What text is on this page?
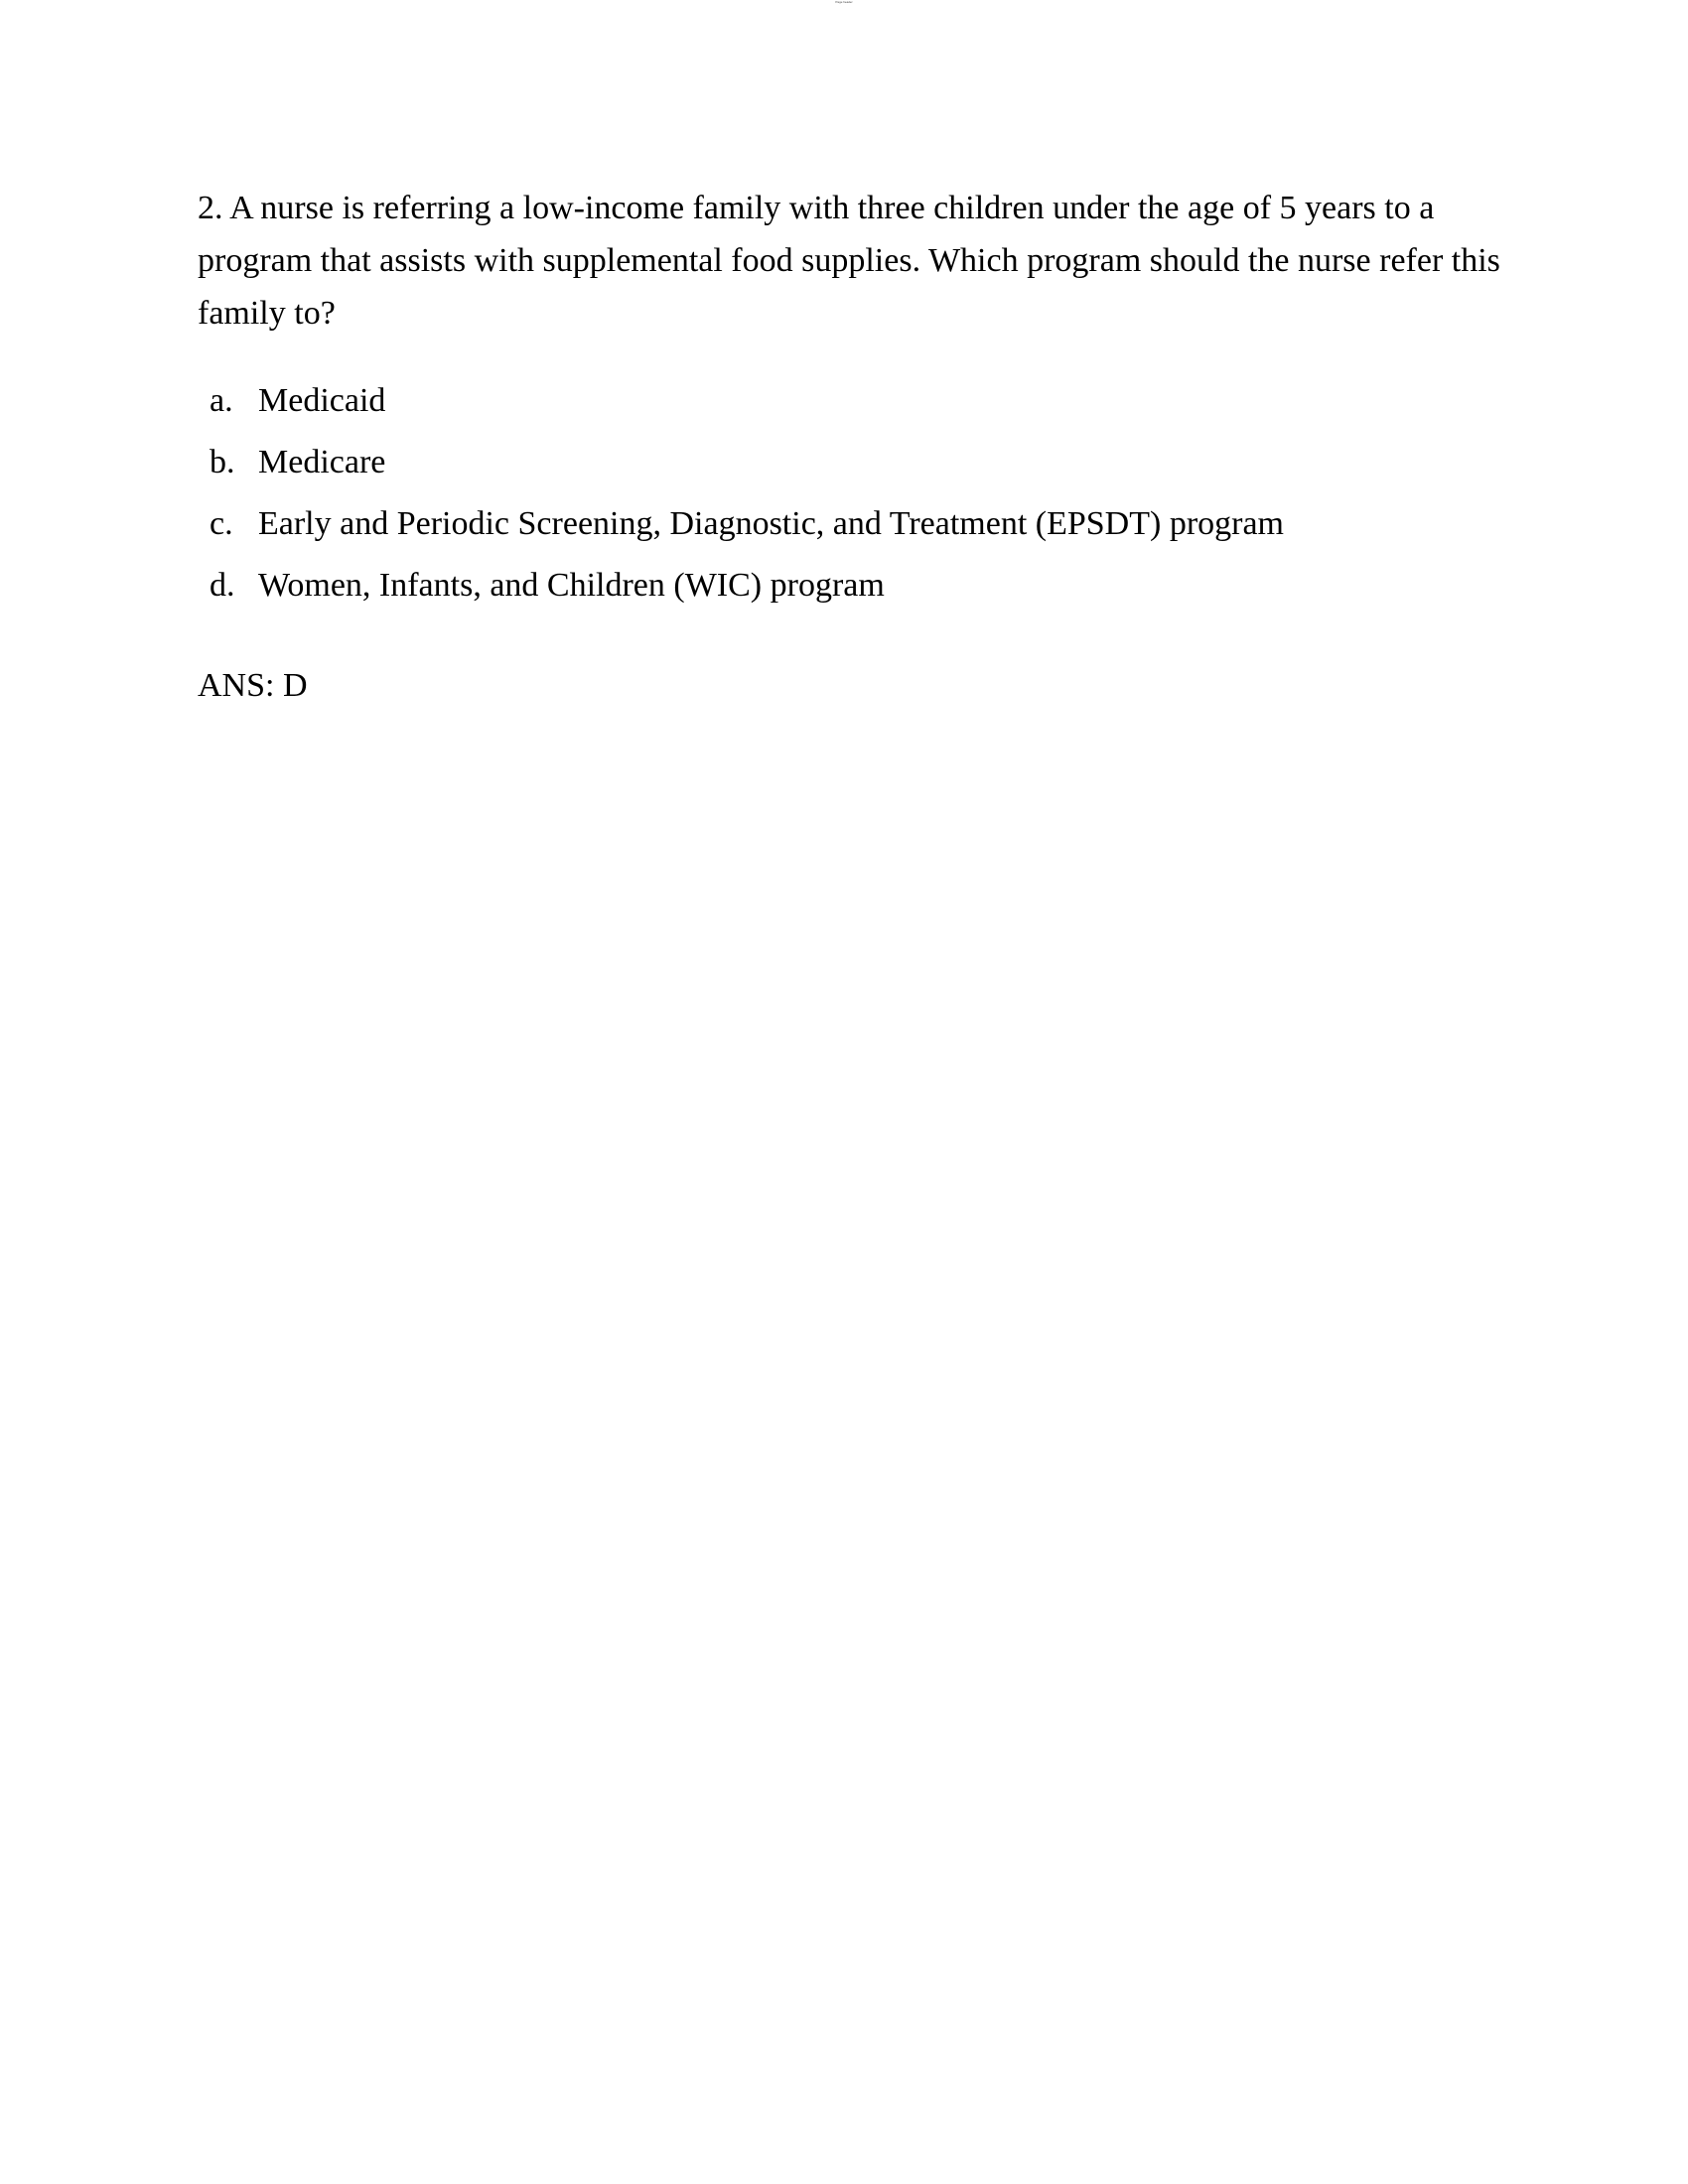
Page header

2. A nurse is referring a low-income family with three children under the age of 5 years to a program that assists with supplemental food supplies. Which program should the nurse refer this family to?

a. Medicaid
b. Medicare
c. Early and Periodic Screening, Diagnostic, and Treatment (EPSDT) program
d. Women, Infants, and Children (WIC) program

ANS: D
